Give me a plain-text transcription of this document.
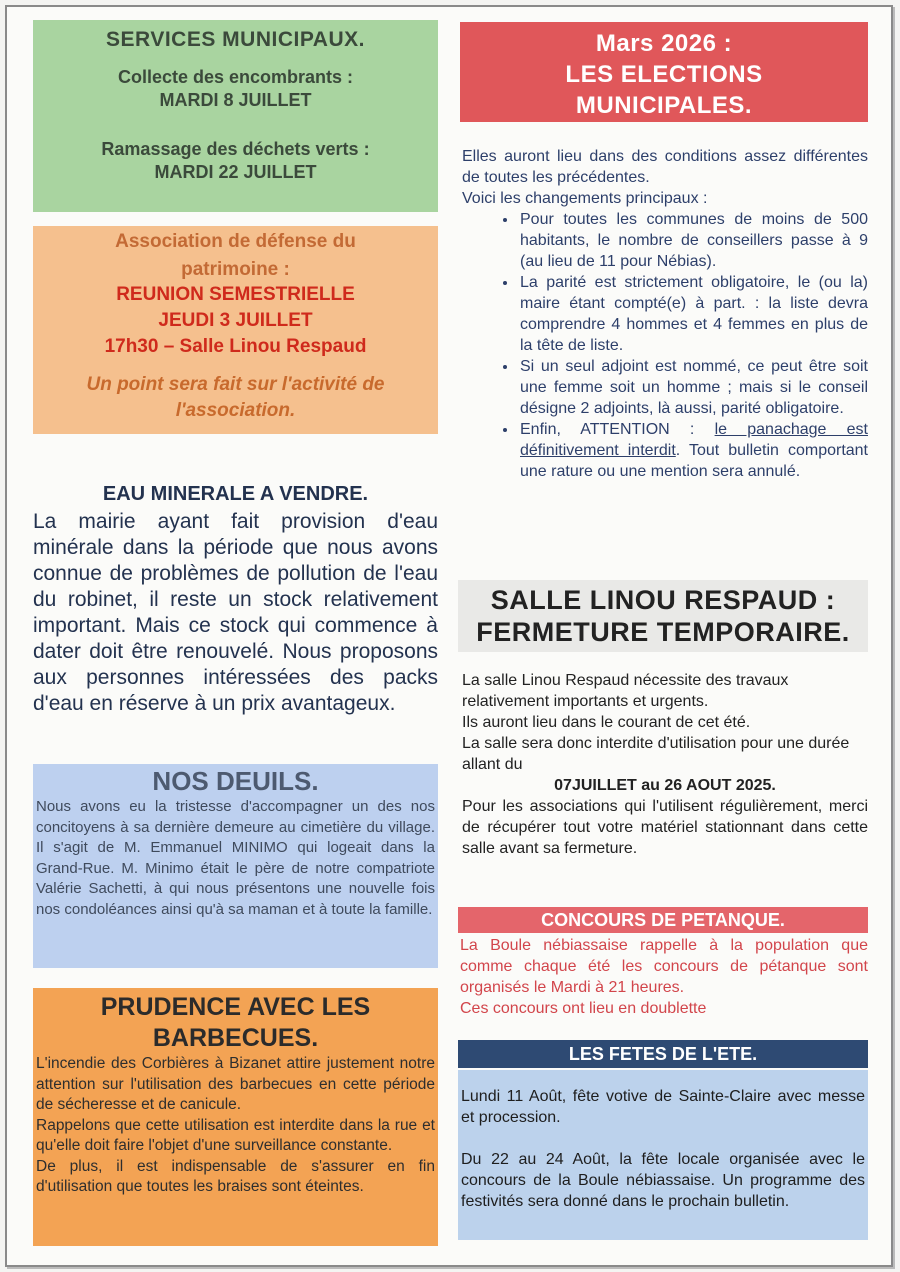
SERVICES MUNICIPAUX.

Collecte des encombrants :

MARDI 8 JUILLET

Ramassage des déchets verts :

MARDI 22 JUILLET

Association de défense du

patrimoine :

REUNION SEMESTRIELLE

JEUDI 3 JUILLET

17h30 – Salle Linou Respaud

Un point sera fait sur l'activité de

l'association.

EAU MINERALE A VENDRE.

La mairie ayant fait provision d'eau minérale dans la période que nous avons connue de problèmes de pollution de l'eau du robinet, il reste un stock relativement important. Mais ce stock qui commence à dater doit être renouvelé. Nous proposons aux personnes intéressées des packs d'eau en réserve à un prix avantageux.

NOS DEUILS.

Nous avons eu la tristesse d'accompagner un des nos concitoyens à sa dernière demeure au cimetière du village. Il s'agit de M. Emmanuel MINIMO qui logeait dans la Grand-Rue. M. Minimo était le père de notre compatriote Valérie Sachetti, à qui nous présentons une nouvelle fois nos condoléances ainsi qu'à sa maman et à toute la famille.

PRUDENCE AVEC LES

BARBECUES.

L'incendie des Corbières à Bizanet attire justement notre attention sur l'utilisation des barbecues en cette période de sécheresse et de canicule.

Rappelons que cette utilisation est interdite dans la rue et qu'elle doit faire l'objet d'une surveillance constante.

De plus, il est indispensable de s'assurer en fin d'utilisation que toutes les braises sont éteintes.

Mars 2026 :

LES ELECTIONS

MUNICIPALES.

Elles auront lieu dans des conditions assez différentes de toutes les précédentes.

Voici les changements principaux :

• Pour toutes les communes de moins de 500 habitants, le nombre de conseillers passe à 9 (au lieu de 11 pour Nébias).
• La parité est strictement obligatoire, le (ou la) maire étant compté(e) à part. : la liste devra comprendre 4 hommes et 4 femmes en plus de la tête de liste.
• Si un seul adjoint est nommé, ce peut être soit une femme soit un homme ; mais si le conseil désigne 2 adjoints, là aussi, parité obligatoire.
• Enfin, ATTENTION : le panachage est définitivement interdit. Tout bulletin comportant une rature ou une mention sera annulé.

SALLE LINOU RESPAUD :

FERMETURE TEMPORAIRE.

La salle Linou Respaud nécessite des travaux relativement importants et urgents.

Ils auront lieu dans le courant de cet été.

La salle sera donc interdite d'utilisation pour une durée allant du

07JUILLET au 26 AOUT 2025.

Pour les associations qui l'utilisent régulièrement, merci de récupérer tout votre matériel stationnant dans cette salle avant sa fermeture.

CONCOURS DE PETANQUE.

La Boule nébiassaise rappelle à la population que comme chaque été les concours de pétanque sont organisés le Mardi à 21 heures.

Ces concours ont lieu en doublette

LES FETES DE L'ETE.

Lundi 11 Août, fête votive de Sainte-Claire avec messe et procession.

Du 22 au 24 Août, la fête locale organisée avec le concours de la Boule nébiassaise. Un programme des festivités sera donné dans le prochain bulletin.
